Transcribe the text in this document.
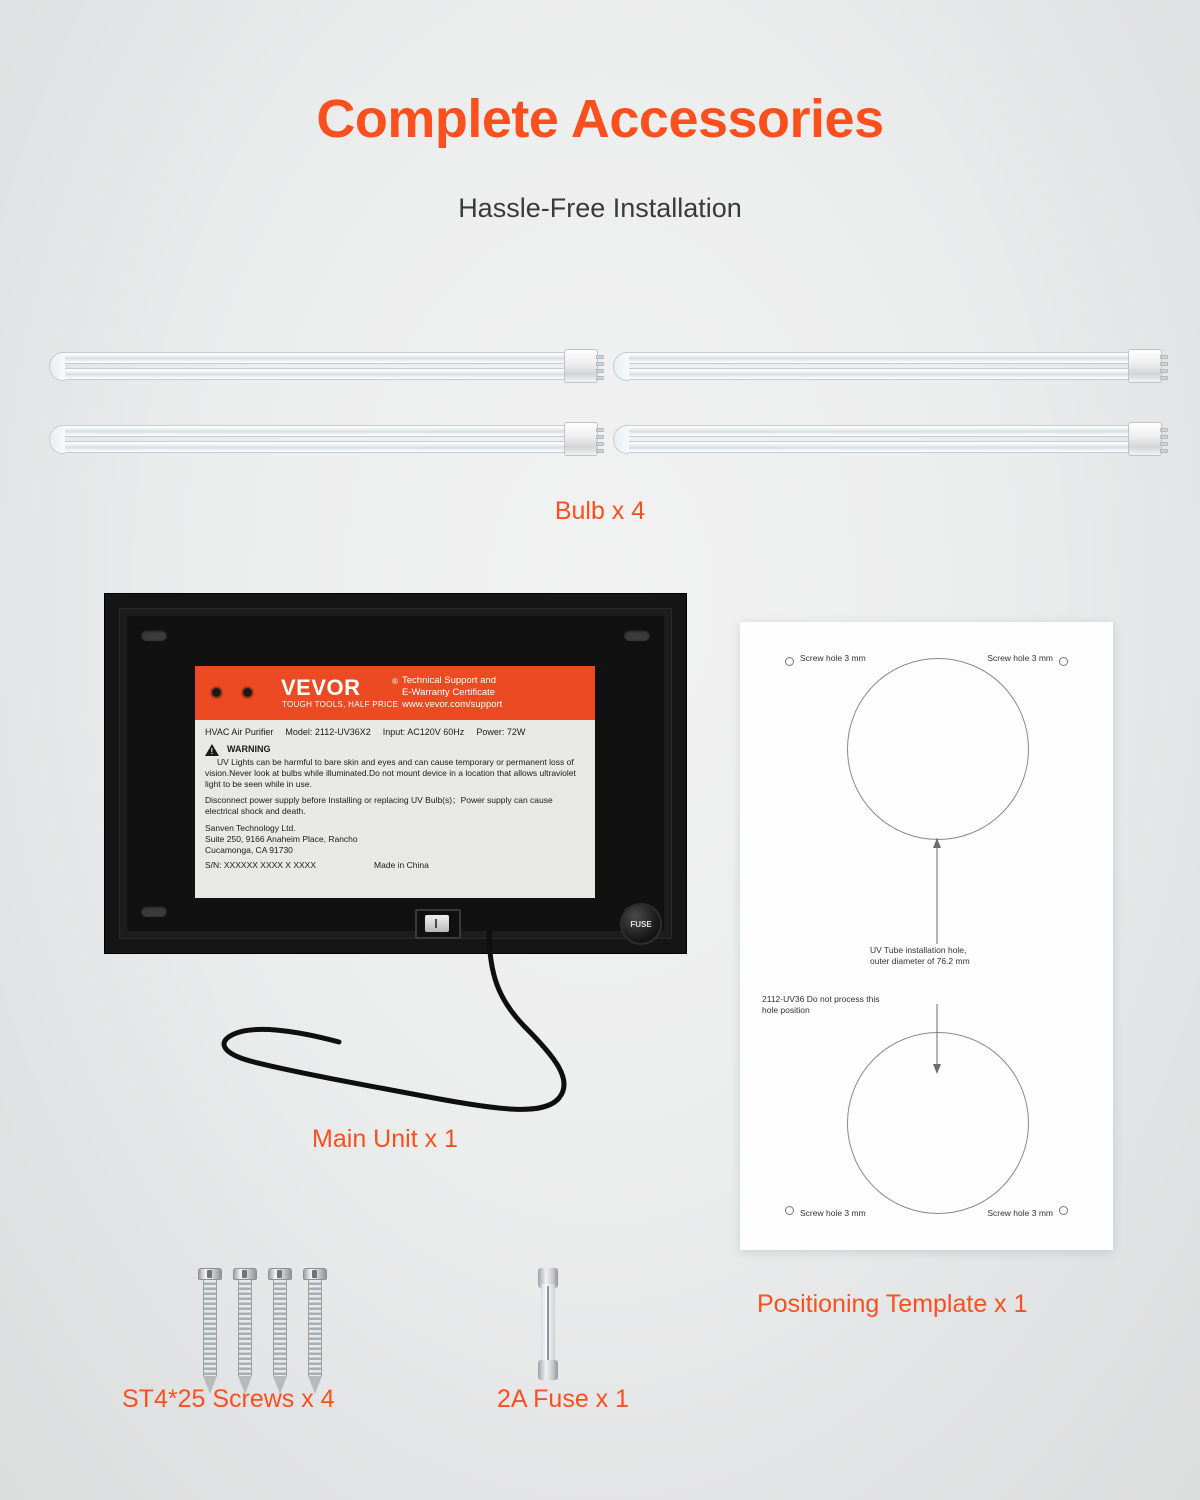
Complete Accessories
Hassle-Free Installation
Bulb x 4
VEVOR	®
TOUGH TOOLS, HALF PRICE
Technical Support and
E-Warranty Certificate
www.vevor.com/support
HVAC Air Purifier Model: 2112-UV36X2 Input: AC120V 60Hz Power: 72W
!
WARNING
UV Lights can be harmful to bare skin and eyes and can cause temporary or permanent loss of vision.Never look at bulbs while illuminated.Do not mount device in a location that allows ultraviolet light to be seen while in use.
Disconnect power supply before Installing or replacing UV Bulb(s)；Power supply can cause electrical shock and death.
Sanven Technology Ltd.
Suite 250, 9166 Anaheim Place, Rancho
Cucamonga, CA 91730
S/N: XXXXXX XXXX X XXXX	Made in China
FUSE
Main Unit x 1
Screw hole 3 mm	Screw hole 3 mm
Screw hole 3 mm	Screw hole 3 mm
UV Tube installation hole,
outer diameter of 76.2 mm
2112-UV36 Do not process this
hole position
Positioning Template x 1
ST4*25 Screws x 4	2A Fuse x 1
